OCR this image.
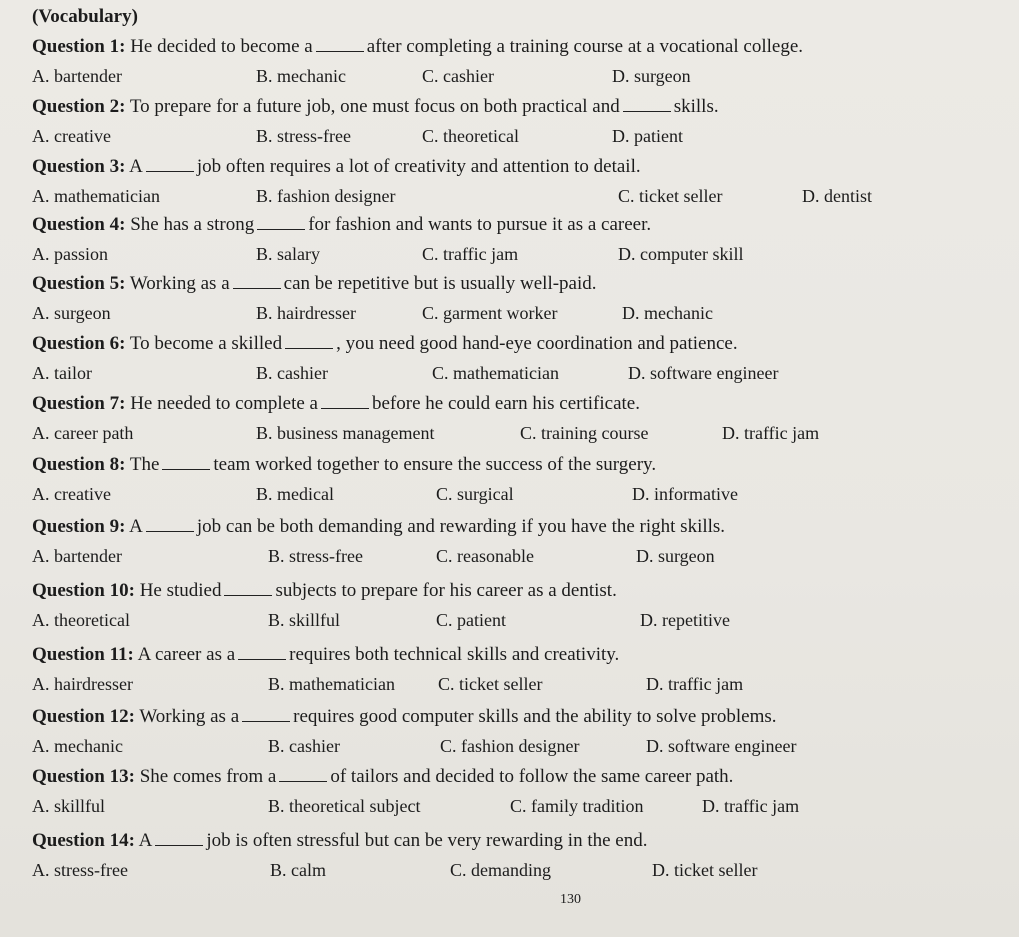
(Vocabulary)
Question 1: He decided to become a	after completing a training course at a vocational college.
A. bartender	B. mechanic	C. cashier	D. surgeon
Question 2: To prepare for a future job, one must focus on both practical and	skills.
A. creative	B. stress-free	C. theoretical	D. patient
Question 3: A	job often requires a lot of creativity and attention to detail.
A. mathematician	B. fashion designer	C. ticket seller	D. dentist
Question 4: She has a strong	for fashion and wants to pursue it as a career.
A. passion	B. salary	C. traffic jam	D. computer skill
Question 5: Working as a	can be repetitive but is usually well-paid.
A. surgeon	B. hairdresser	C. garment worker	D. mechanic
Question 6: To become a skilled	, you need good hand-eye coordination and patience.
A. tailor	B. cashier	C. mathematician	D. software engineer
Question 7: He needed to complete a	before he could earn his certificate.
A. career path	B. business management	C. training course	D. traffic jam
Question 8: The	team worked together to ensure the success of the surgery.
A. creative	B. medical	C. surgical	D. informative
Question 9: A	job can be both demanding and rewarding if you have the right skills.
A. bartender	B. stress-free	C. reasonable	D. surgeon
Question 10: He studied	subjects to prepare for his career as a dentist.
A. theoretical	B. skillful	C. patient	D. repetitive
Question 11: A career as a	requires both technical skills and creativity.
A. hairdresser	B. mathematician C. ticket seller	D. traffic jam
Question 12: Working as a	requires good computer skills and the ability to solve problems.
A. mechanic	B. cashier	C. fashion designer	D. software engineer
Question 13: She comes from a	of tailors and decided to follow the same career path.
A. skillful	B. theoretical subject	C. family tradition	D. traffic jam
Question 14: A	job is often stressful but can be very rewarding in the end.
A. stress-free	B. calm	C. demanding	D. ticket seller
130
